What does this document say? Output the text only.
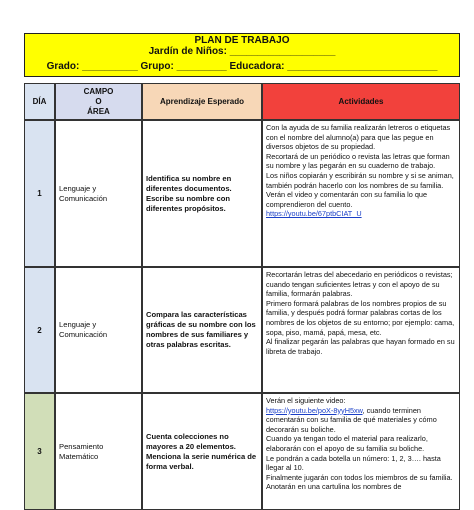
PLAN DE TRABAJO
Jardín de Niños: ___________________
Grado: __________ Grupo: _________ Educadora: ___________________________
DÍA
CAMPO
O
ÁREA
Aprendizaje Esperado	Actividades
1
Lenguaje y Comunicación
Identifica su nombre en diferentes documentos. Escribe su nombre con diferentes propósitos.

Con la ayuda de su familia realizarán letreros o etiquetas con el nombre del alumno(a) para que las pegue en diversos objetos de su propiedad.

Recortará de un periódico o revista las letras que forman su nombre y las pegarán en su cuaderno de trabajo.

Los niños copiarán y escribirán su nombre y si se animan, también podrán hacerlo con los nombres de su familia.

Verán el video y comentarán con su familia lo que comprendieron del cuento.

https://youtu.be/67ptbCIAT_U

2
Lenguaje y Comunicación
Compara las características gráficas de su nombre con los nombres de sus familiares y otras palabras escritas.

Recortarán letras del abecedario en periódicos o revistas; cuando tengan suficientes letras y con el apoyo de su familia, formarán palabras.

Primero formará palabras de los nombres propios de su familia, y después podrá formar palabras cortas de los nombres de los objetos de su entorno; por ejemplo: cama, sopa, piso, mamá, papá, mesa, etc.

Al finalizar pegarán las palabras que hayan formado en su libreta de trabajo.

3
Pensamiento Matemático
Cuenta colecciones no mayores a 20 elementos. Menciona la serie numérica de forma verbal.

Verán el siguiente video:

https://youtu.be/poX-8yyH5xw, cuando terminen comentarán con su familia de qué materiales y cómo decorarán su boliche.

Cuando ya tengan todo el material para realizarlo, elaborarán con el apoyo de su familia su boliche.

Le pondrán a cada botella un número: 1, 2, 3…. hasta llegar al 10.

Finalmente jugarán con todos los miembros de su familia. Anotarán en una cartulina los nombres de
